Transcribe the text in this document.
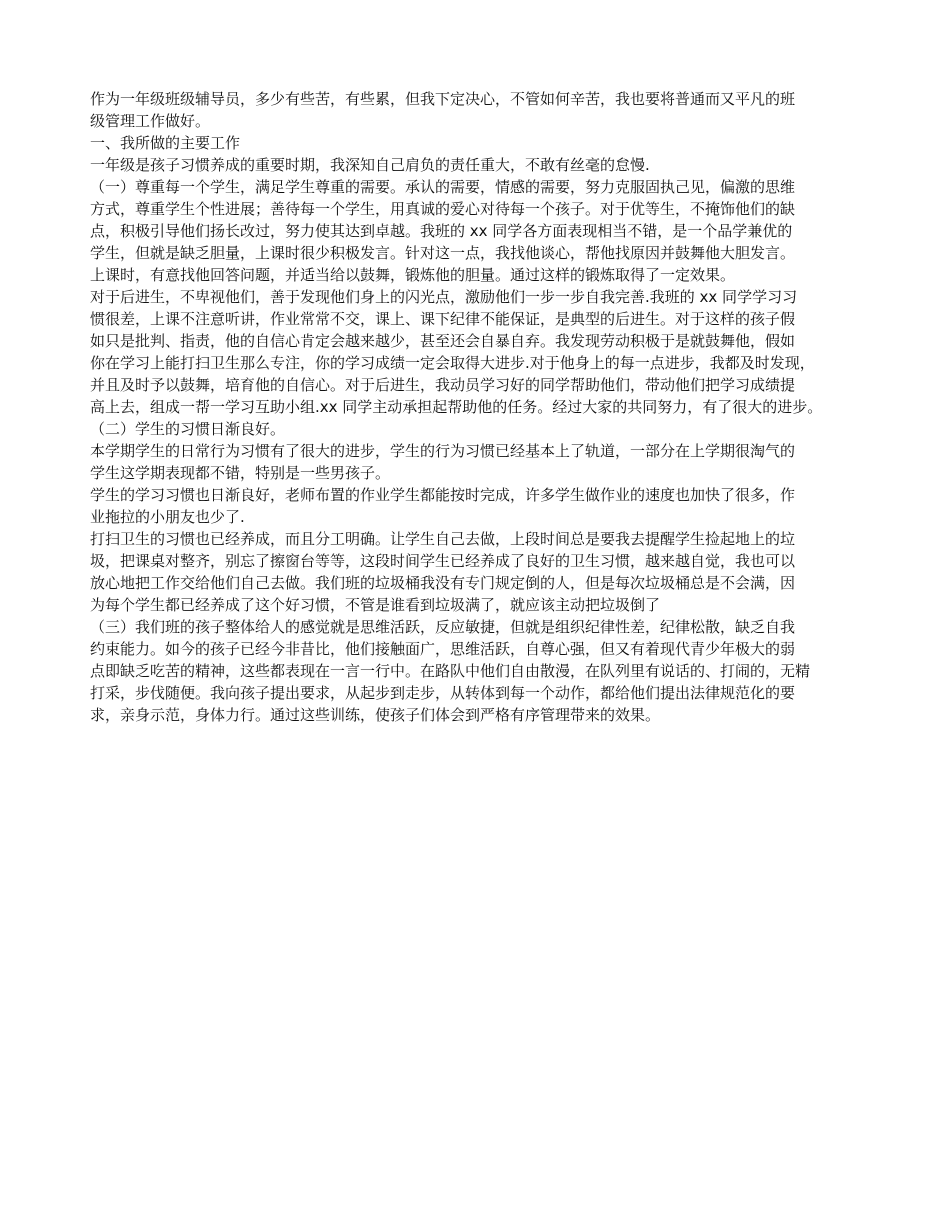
作为一年级班级辅导员，多少有些苦，有些累，但我下定决心，不管如何辛苦，我也要将普通而又平凡的班
级管理工作做好。
一、我所做的主要工作
一年级是孩子习惯养成的重要时期，我深知自己肩负的责任重大，不敢有丝毫的怠慢.
（一）尊重每一个学生，满足学生尊重的需要。承认的需要，情感的需要，努力克服固执己见，偏激的思维
方式，尊重学生个性进展；善待每一个学生，用真诚的爱心对待每一个孩子。对于优等生，不掩饰他们的缺
点，积极引导他们扬长改过，努力使其达到卓越。我班的 xx 同学各方面表现相当不错，是一个品学兼优的
学生，但就是缺乏胆量，上课时很少积极发言。针对这一点，我找他谈心，帮他找原因并鼓舞他大胆发言。
上课时，有意找他回答问题，并适当给以鼓舞，锻炼他的胆量。通过这样的锻炼取得了一定效果。
对于后进生，不卑视他们，善于发现他们身上的闪光点，激励他们一步一步自我完善.我班的 xx 同学学习习
惯很差，上课不注意听讲，作业常常不交，课上、课下纪律不能保证，是典型的后进生。对于这样的孩子假
如只是批判、指责，他的自信心肯定会越来越少，甚至还会自暴自弃。我发现劳动积极于是就鼓舞他，假如
你在学习上能打扫卫生那么专注，你的学习成绩一定会取得大进步.对于他身上的每一点进步，我都及时发现，
并且及时予以鼓舞，培育他的自信心。对于后进生，我动员学习好的同学帮助他们，带动他们把学习成绩提
高上去，组成一帮一学习互助小组.xx 同学主动承担起帮助他的任务。经过大家的共同努力，有了很大的进步。
（二）学生的习惯日渐良好。
本学期学生的日常行为习惯有了很大的进步，学生的行为习惯已经基本上了轨道，一部分在上学期很淘气的
学生这学期表现都不错，特别是一些男孩子。
学生的学习习惯也日渐良好，老师布置的作业学生都能按时完成，许多学生做作业的速度也加快了很多，作
业拖拉的小朋友也少了.
打扫卫生的习惯也已经养成，而且分工明确。让学生自己去做，上段时间总是要我去提醒学生捡起地上的垃
圾，把课桌对整齐，别忘了擦窗台等等，这段时间学生已经养成了良好的卫生习惯，越来越自觉，我也可以
放心地把工作交给他们自己去做。我们班的垃圾桶我没有专门规定倒的人，但是每次垃圾桶总是不会满，因
为每个学生都已经养成了这个好习惯，不管是谁看到垃圾满了，就应该主动把垃圾倒了
（三）我们班的孩子整体给人的感觉就是思维活跃，反应敏捷，但就是组织纪律性差，纪律松散，缺乏自我
约束能力。如今的孩子已经今非昔比，他们接触面广，思维活跃，自尊心强，但又有着现代青少年极大的弱
点即缺乏吃苦的精神，这些都表现在一言一行中。在路队中他们自由散漫，在队列里有说话的、打闹的，无精
打采，步伐随便。我向孩子提出要求，从起步到走步，从转体到每一个动作，都给他们提出法律规范化的要
求，亲身示范，身体力行。通过这些训练，使孩子们体会到严格有序管理带来的效果。
